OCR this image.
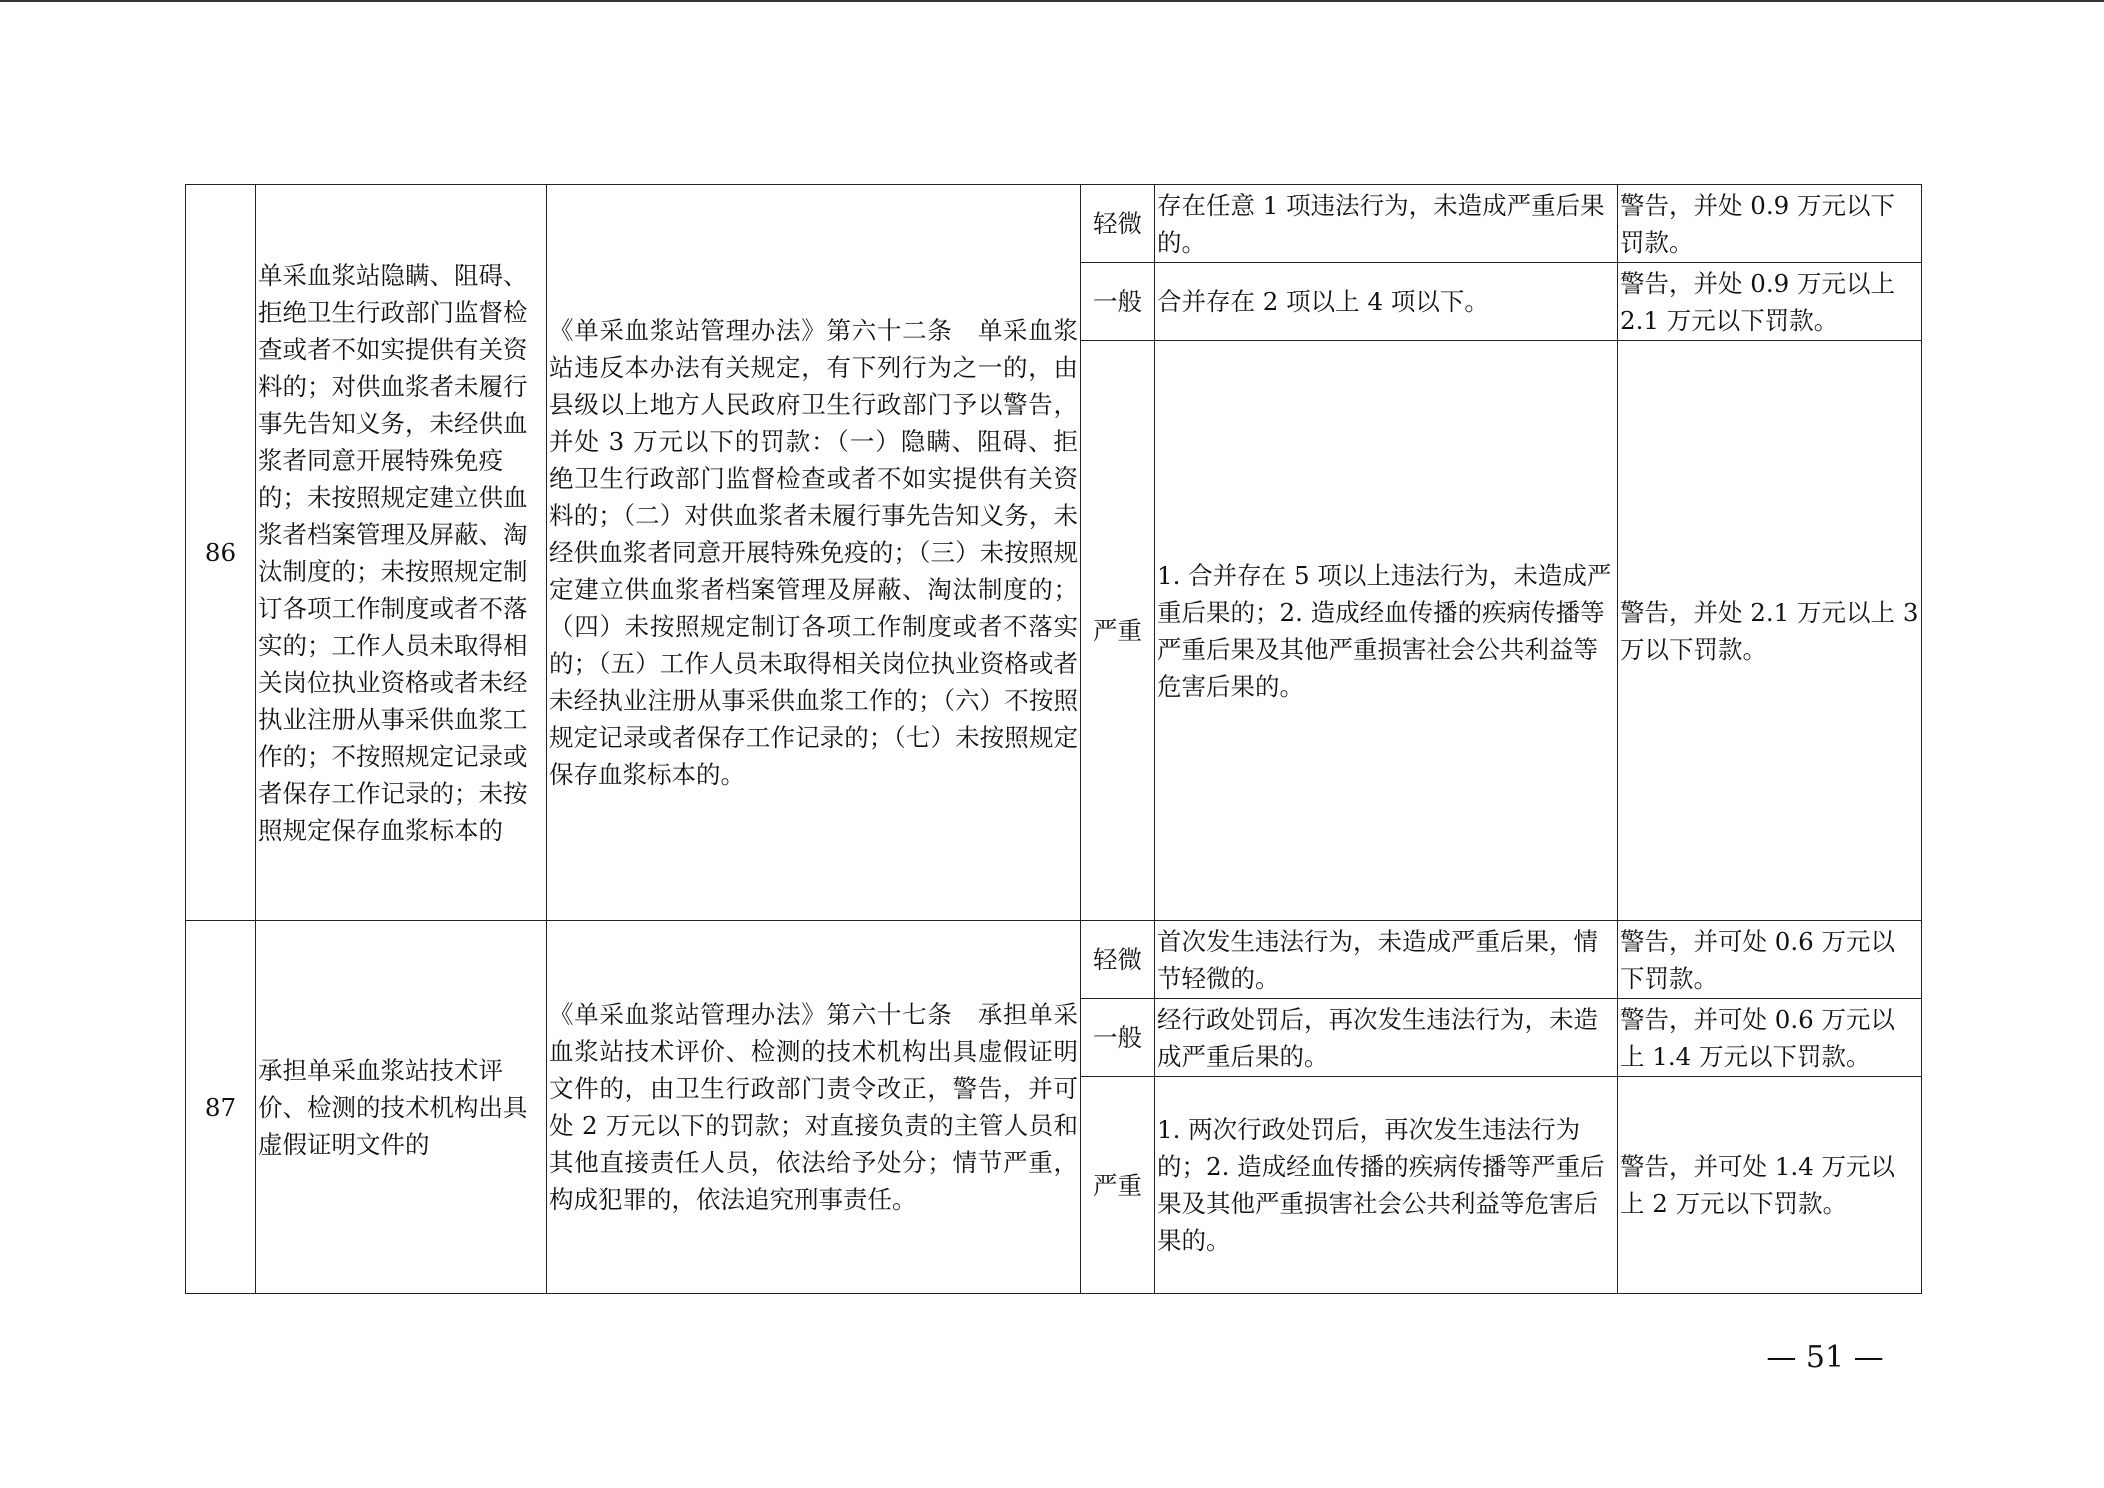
86	单采血浆站隐瞒、阻碍、拒绝卫生行政部门监督检查或者不如实提供有关资料的；对供血浆者未履行事先告知义务，未经供血浆者同意开展特殊免疫的；未按照规定建立供血浆者档案管理及屏蔽、淘汰制度的；未按照规定制订各项工作制度或者不落实的；工作人员未取得相关岗位执业资格或者未经执业注册从事采供血浆工作的；不按照规定记录或者保存工作记录的；未按照规定保存血浆标本的	《单采血浆站管理办法》第六十二条　单采血浆站违反本办法有关规定，有下列行为之一的，由县级以上地方人民政府卫生行政部门予以警告，并处 3 万元以下的罚款：（一）隐瞒、阻碍、拒绝卫生行政部门监督检查或者不如实提供有关资料的；（二）对供血浆者未履行事先告知义务，未经供血浆者同意开展特殊免疫的；（三）未按照规定建立供血浆者档案管理及屏蔽、淘汰制度的；（四）未按照规定制订各项工作制度或者不落实的；（五）工作人员未取得相关岗位执业资格或者未经执业注册从事采供血浆工作的；（六）不按照规定记录或者保存工作记录的；（七）未按照规定保存血浆标本的。	轻微	存在任意 1 项违法行为，未造成严重后果的。	警告，并处 0.9 万元以下罚款。
			一般	合并存在 2 项以上 4 项以下。	警告，并处 0.9 万元以上 2.1 万元以下罚款。
			严重	1. 合并存在 5 项以上违法行为，未造成严重后果的；2. 造成经血传播的疾病传播等严重后果及其他严重损害社会公共利益等危害后果的。	警告，并处 2.1 万元以上 3 万以下罚款。
87	承担单采血浆站技术评价、检测的技术机构出具虚假证明文件的	《单采血浆站管理办法》第六十七条　承担单采血浆站技术评价、检测的技术机构出具虚假证明文件的，由卫生行政部门责令改正，警告，并可处 2 万元以下的罚款；对直接负责的主管人员和其他直接责任人员，依法给予处分；情节严重，构成犯罪的，依法追究刑事责任。	轻微	首次发生违法行为，未造成严重后果，情节轻微的。	警告，并可处 0.6 万元以下罚款。
			一般	经行政处罚后，再次发生违法行为，未造成严重后果的。	警告，并可处 0.6 万元以上 1.4 万元以下罚款。
			严重	1. 两次行政处罚后，再次发生违法行为的；2. 造成经血传播的疾病传播等严重后果及其他严重损害社会公共利益等危害后果的。	警告，并可处 1.4 万元以上 2 万元以下罚款。
— 51 —
